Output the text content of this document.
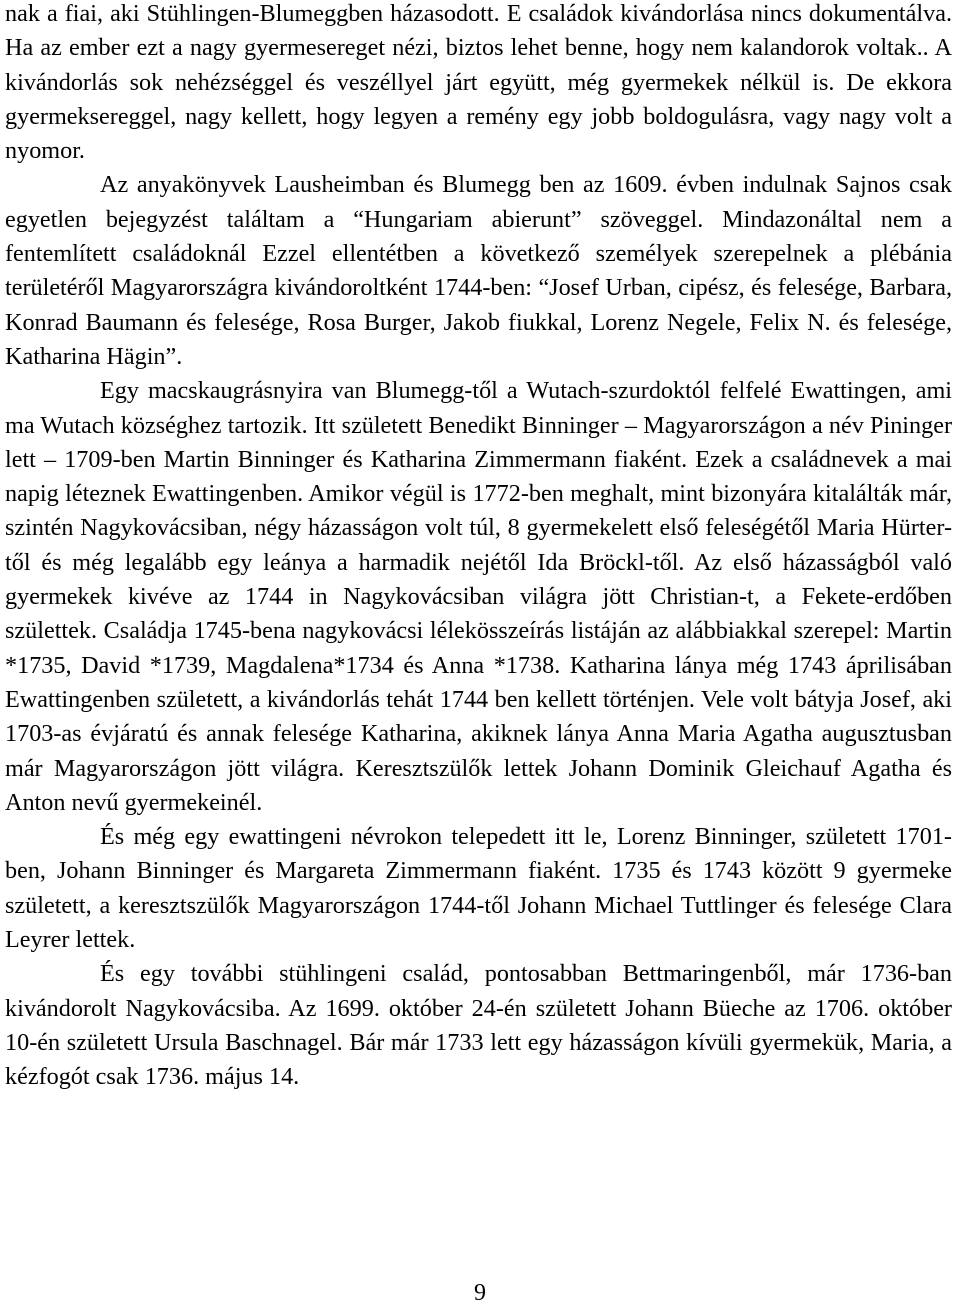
nak a fiai, aki Stühlingen-Blumeggben házasodott. E családok kivándorlása nincs dokumentálva. Ha az ember ezt a nagy gyermesereget nézi, biztos lehet benne, hogy nem kalandorok voltak.. A kivándorlás sok nehézséggel és veszéllyel járt együtt, még gyermekek nélkül is. De ekkora gyermeksereggel, nagy kellett, hogy legyen a remény egy jobb boldogulásra, vagy nagy volt a nyomor.

Az anyakönyvek Lausheimban és Blumegg ben az 1609. évben indulnak Sajnos csak egyetlen bejegyzést találtam a “Hungariam abierunt” szöveggel. Mindazonáltal nem a fentemlített családoknál Ezzel ellentétben a következő személyek szerepelnek a plébánia területéről Magyarországra kivándoroltként 1744-ben: “Josef Urban, cipész, és felesége, Barbara, Konrad Baumann és felesége, Rosa Burger, Jakob fiukkal, Lorenz Negele, Felix N. és felesége, Katharina Hägin”.

Egy macskaugrásnyira van Blumegg-től a Wutach-szurdoktól felfelé Ewattingen, ami ma Wutach községhez tartozik. Itt született Benedikt Binninger – Magyarországon a név Pininger lett – 1709-ben Martin Binninger és Katharina Zimmermann fiaként. Ezek a családnevek a mai napig léteznek Ewattingenben. Amikor végül is 1772-ben meghalt, mint bizonyára kitalálták már, szintén Nagykovácsiban, négy házasságon volt túl, 8 gyermekelett első feleségétől Maria Hürter-től és még legalább egy leánya a harmadik nejétől Ida Bröckl-től. Az első házasságból való gyermekek kivéve az 1744 in Nagykovácsiban világra jött Christian-t, a Fekete-erdőben születtek. Családja 1745-bena nagykovácsi lélekösszeírás listáján az alábbiakkal szerepel: Martin *1735, David *1739, Magdalena*1734 és Anna *1738. Katharina lánya még 1743 áprilisában Ewattingenben született, a kivándorlás tehát 1744 ben kellett történjen. Vele volt bátyja Josef, aki 1703-as évjáratú és annak felesége Katharina, akiknek lánya Anna Maria Agatha augusztusban már Magyarországon jött világra. Keresztszülők lettek Johann Dominik Gleichauf Agatha és Anton nevű gyermekeinél.

És még egy ewattingeni névrokon telepedett itt le, Lorenz Binninger, született 1701-ben, Johann Binninger és Margareta Zimmermann fiaként. 1735 és 1743 között 9 gyermeke született, a keresztszülők Magyarországon 1744-től Johann Michael Tuttlinger és felesége Clara Leyrer lettek.

És egy további stühlingeni család, pontosabban Bettmaringenből, már 1736-ban kivándorolt Nagykovácsiba. Az 1699. október 24-én született Johann Büeche az 1706. október 10-én született Ursula Baschnagel. Bár már 1733 lett egy házasságon kívüli gyermekük, Maria, a kézfogót csak 1736. május 14.

9
